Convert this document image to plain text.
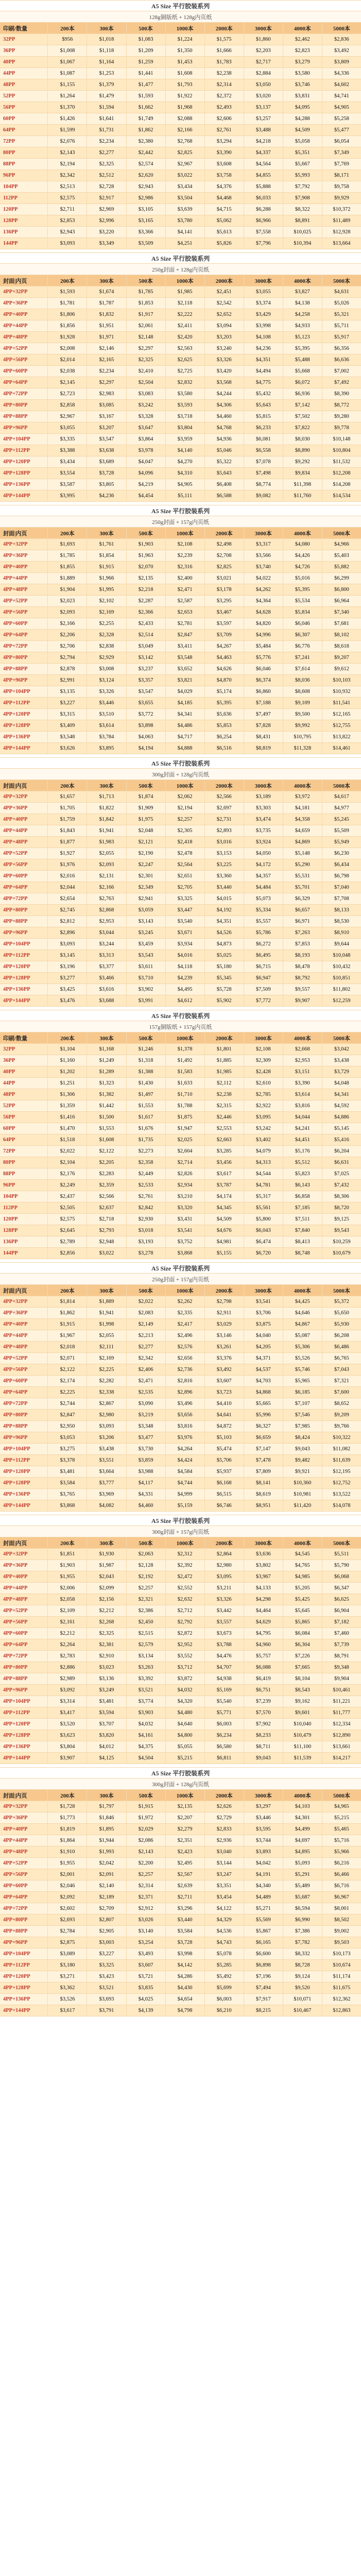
A5 Size 平行胶装系列
128g铜版纸 + 128g内页纸
印刷/数量	200本	300本	500本	1000本	2000本	3000本	4000本	5000本
32PP	$956	$1,018	$1,083	$1,224	$1,575	$1,860	$2,462	$2,836
36PP	$1,008	$1,118	$1,209	$1,350	$1,666	$2,203	$2,823	$3,492
40PP	$1,067	$1,164	$1,259	$1,453	$1,783	$2,717	$3,279	$3,809
44PP	$1,087	$1,253	$1,441	$1,608	$2,238	$2,884	$3,580	$4,336
48PP	$1,155	$1,379	$1,477	$1,793	$2,314	$3,050	$3,746	$4,602
52PP	$1,264	$1,479	$1,593	$1,922	$2,372	$3,020	$3,831	$4,741
56PP	$1,370	$1,594	$1,662	$1,968	$2,493	$3,137	$4,095	$4,905
60PP	$1,426	$1,641	$1,749	$2,088	$2,606	$3,257	$4,288	$5,258
64PP	$1,599	$1,731	$1,862	$2,166	$2,761	$3,488	$4,509	$5,477
72PP	$2,076	$2,234	$2,380	$2,768	$3,294	$4,218	$5,058	$6,054
80PP	$2,143	$2,277	$2,442	$2,825	$3,390	$4,337	$5,351	$7,349
88PP	$2,194	$2,325	$2,574	$2,967	$3,608	$4,564	$5,667	$7,769
96PP	$2,342	$2,512	$2,620	$3,022	$3,758	$4,855	$5,993	$8,171
104PP	$2,513	$2,728	$2,943	$3,434	$4,376	$5,888	$7,792	$9,758
112PP	$2,575	$2,917	$2,986	$3,504	$4,468	$6,033	$7,908	$9,929
120PP	$2,711	$2,969	$3,105	$3,639	$4,715	$6,288	$8,322	$10,372
128PP	$2,853	$2,996	$3,165	$3,780	$5,062	$6,966	$8,891	$11,489
136PP	$2,943	$3,220	$3,366	$4,141	$5,613	$7,558	$10,025	$12,928
144PP	$3,093	$3,349	$3,509	$4,251	$5,826	$7,796	$10,394	$13,664
A5 Size 平行胶装系列
250g封面 + 128g内页纸
封面|内页	200本	300本	500本	1000本	2000本	3000本	4000本	5000本
4PP+32PP	$1,593	$1,674	$1,785	$1,985	$2,451	$3,055	$3,827	$4,631
4PP+36PP	$1,781	$1,787	$1,853	$2,118	$2,542	$3,374	$4,138	$5,026
4PP+40PP	$1,806	$1,832	$1,917	$2,222	$2,652	$3,429	$4,258	$5,321
4PP+44PP	$1,856	$1,951	$2,061	$2,411	$3,094	$3,998	$4,933	$5,711
4PP+48PP	$1,928	$1,971	$2,148	$2,420	$3,203	$4,108	$5,123	$5,917
4PP+52PP	$2,008	$2,146	$2,297	$2,563	$3,240	$4,236	$5,395	$6,356
4PP+56PP	$2,014	$2,165	$2,325	$2,625	$3,326	$4,351	$5,488	$6,636
4PP+60PP	$2,038	$2,234	$2,410	$2,725	$3,420	$4,494	$5,668	$7,002
4PP+64PP	$2,145	$2,297	$2,504	$2,832	$3,568	$4,775	$6,072	$7,492
4PP+72PP	$2,723	$2,983	$3,083	$3,580	$4,244	$5,432	$6,936	$8,390
4PP+80PP	$2,858	$3,085	$3,242	$3,593	$4,306	$5,643	$7,142	$8,772
4PP+88PP	$2,967	$3,167	$3,328	$3,718	$4,460	$5,815	$7,502	$9,280
4PP+96PP	$3,055	$3,207	$3,647	$3,804	$4,768	$6,233	$7,822	$9,778
4PP+104PP	$3,335	$3,547	$3,864	$3,959	$4,936	$6,081	$8,030	$10,148
4PP+112PP	$3,388	$3,638	$3,978	$4,140	$5,046	$6,558	$8,890	$10,804
4PP+120PP	$3,434	$3,689	$4,047	$4,270	$5,322	$7,078	$9,292	$11,532
4PP+128PP	$3,554	$3,728	$4,096	$4,310	$5,643	$7,498	$9,834	$12,208
4PP+136PP	$3,587	$3,805	$4,219	$4,905	$6,408	$8,774	$11,398	$14,208
4PP+144PP	$3,995	$4,236	$4,454	$5,111	$6,588	$9,082	$11,760	$14,534
A5 Size 平行胶装系列
250g封面 + 157g内页纸
封面|内页	200本	300本	500本	1000本	2000本	3000本	4000本	5000本
4PP+32PP	$1,693	$1,761	$1,903	$2,108	$2,498	$3,317	$4,080	$4,966
4PP+36PP	$1,785	$1,854	$1,963	$2,239	$2,708	$3,566	$4,426	$5,403
4PP+40PP	$1,855	$1,915	$2,070	$2,316	$2,825	$3,740	$4,726	$5,882
4PP+44PP	$1,889	$1,966	$2,135	$2,400	$3,021	$4,022	$5,016	$6,299
4PP+48PP	$1,904	$1,995	$2,218	$2,471	$3,178	$4,262	$5,395	$6,800
4PP+52PP	$2,023	$2,102	$2,287	$2,587	$3,295	$4,364	$5,534	$6,964
4PP+56PP	$2,093	$2,169	$2,366	$2,653	$3,467	$4,628	$5,834	$7,340
4PP+60PP	$2,166	$2,255	$2,433	$2,781	$3,597	$4,820	$6,046	$7,681
4PP+64PP	$2,206	$2,328	$2,514	$2,847	$3,709	$4,996	$6,307	$8,102
4PP+72PP	$2,706	$2,838	$3,049	$3,411	$4,267	$5,484	$6,776	$8,618
4PP+80PP	$2,794	$2,929	$3,142	$3,548	$4,463	$5,776	$7,241	$9,207
4PP+88PP	$2,878	$3,008	$3,237	$3,652	$4,626	$6,046	$7,614	$9,612
4PP+96PP	$2,991	$3,124	$3,357	$3,821	$4,870	$6,374	$8,036	$10,103
4PP+104PP	$3,135	$3,326	$3,547	$4,029	$5,174	$6,860	$8,608	$10,932
4PP+112PP	$3,227	$3,446	$3,655	$4,185	$5,395	$7,188	$9,109	$11,541
4PP+120PP	$3,315	$3,510	$3,772	$4,341	$5,636	$7,497	$9,500	$12,165
4PP+128PP	$3,409	$3,614	$3,898	$4,486	$5,853	$7,828	$9,992	$12,755
4PP+136PP	$3,548	$3,784	$4,063	$4,717	$6,254	$8,431	$10,795	$13,822
4PP+144PP	$3,626	$3,895	$4,194	$4,888	$6,516	$8,819	$11,328	$14,461
A5 Size 平行胶装系列
300g封面 + 128g内页纸
封面|内页	200本	300本	500本	1000本	2000本	3000本	4000本	5000本
4PP+32PP	$1,657	$1,713	$1,874	$2,062	$2,566	$3,189	$3,972	$4,617
4PP+36PP	$1,705	$1,822	$1,909	$2,194	$2,697	$3,303	$4,181	$4,977
4PP+40PP	$1,759	$1,842	$1,975	$2,257	$2,731	$3,474	$4,358	$5,245
4PP+44PP	$1,843	$1,941	$2,048	$2,305	$2,893	$3,735	$4,659	$5,509
4PP+48PP	$1,877	$1,983	$2,121	$2,418	$3,016	$3,924	$4,869	$5,949
4PP+52PP	$1,927	$2,055	$2,190	$2,478	$3,153	$4,050	$5,148	$6,230
4PP+56PP	$1,976	$2,093	$2,247	$2,564	$3,225	$4,172	$5,290	$6,434
4PP+60PP	$2,016	$2,131	$2,301	$2,651	$3,360	$4,357	$5,531	$6,798
4PP+64PP	$2,044	$2,166	$2,349	$2,705	$3,440	$4,484	$5,701	$7,040
4PP+72PP	$2,654	$2,763	$2,941	$3,325	$4,015	$5,073	$6,329	$7,708
4PP+80PP	$2,745	$2,868	$3,059	$3,447	$4,192	$5,334	$6,657	$8,133
4PP+88PP	$2,812	$2,953	$3,143	$3,540	$4,351	$5,557	$6,971	$8,530
4PP+96PP	$2,896	$3,044	$3,245	$3,671	$4,526	$5,786	$7,263	$8,910
4PP+104PP	$3,093	$3,244	$3,459	$3,934	$4,873	$6,272	$7,853	$9,644
4PP+112PP	$3,145	$3,313	$3,543	$4,016	$5,025	$6,495	$8,193	$10,048
4PP+120PP	$3,196	$3,377	$3,611	$4,118	$5,180	$6,715	$8,478	$10,432
4PP+128PP	$3,277	$3,466	$3,710	$4,239	$5,345	$6,947	$8,792	$10,851
4PP+136PP	$3,425	$3,616	$3,902	$4,495	$5,728	$7,509	$9,557	$11,802
4PP+144PP	$3,476	$3,688	$3,991	$4,612	$5,902	$7,772	$9,907	$12,259
A5 Size 平行胶装系列
157g铜版纸 + 157g内页纸
印刷/数量	200本	300本	500本	1000本	2000本	3000本	4000本	5000本
32PP	$1,104	$1,168	$1,246	$1,378	$1,801	$2,108	$2,668	$3,042
36PP	$1,160	$1,249	$1,318	$1,492	$1,885	$2,309	$2,953	$3,438
40PP	$1,202	$1,289	$1,388	$1,583	$1,985	$2,428	$3,151	$3,729
44PP	$1,251	$1,323	$1,430	$1,633	$2,112	$2,610	$3,390	$4,048
48PP	$1,306	$1,382	$1,497	$1,710	$2,238	$2,785	$3,614	$4,341
52PP	$1,359	$1,442	$1,553	$1,788	$2,315	$2,922	$3,816	$4,592
56PP	$1,416	$1,500	$1,617	$1,875	$2,446	$3,095	$4,044	$4,886
60PP	$1,470	$1,553	$1,676	$1,947	$2,553	$3,242	$4,241	$5,145
64PP	$1,518	$1,608	$1,735	$2,025	$2,663	$3,402	$4,451	$5,416
72PP	$2,022	$2,122	$2,273	$2,604	$3,285	$4,079	$5,176	$6,204
80PP	$2,104	$2,205	$2,358	$2,714	$3,456	$4,313	$5,512	$6,631
88PP	$2,176	$2,283	$2,449	$2,826	$3,617	$4,544	$5,823	$7,025
96PP	$2,249	$2,359	$2,533	$2,934	$3,787	$4,781	$6,143	$7,432
104PP	$2,437	$2,566	$2,761	$3,210	$4,174	$5,317	$6,858	$8,306
112PP	$2,505	$2,637	$2,842	$3,320	$4,345	$5,561	$7,185	$8,720
120PP	$2,575	$2,718	$2,930	$3,431	$4,509	$5,800	$7,511	$9,125
128PP	$2,645	$2,793	$3,018	$3,541	$4,676	$6,043	$7,840	$9,543
136PP	$2,789	$2,948	$3,193	$3,752	$4,981	$6,474	$8,413	$10,259
144PP	$2,856	$3,022	$3,278	$3,868	$5,155	$6,720	$8,748	$10,679
A5 Size 平行胶装系列
250g封面 + 157g内页纸
封面|内页	200本	300本	500本	1000本	2000本	3000本	4000本	5000本
4PP+32PP	$1,814	$1,889	$2,022	$2,262	$2,798	$3,541	$4,425	$5,372
4PP+36PP	$1,862	$1,941	$2,083	$2,335	$2,911	$3,706	$4,646	$5,650
4PP+40PP	$1,915	$1,998	$2,149	$2,417	$3,029	$3,875	$4,867	$5,930
4PP+44PP	$1,967	$2,055	$2,213	$2,496	$3,146	$4,040	$5,087	$6,208
4PP+48PP	$2,018	$2,111	$2,277	$2,576	$3,261	$4,205	$5,306	$6,486
4PP+52PP	$2,071	$2,169	$2,342	$2,656	$3,376	$4,371	$5,526	$6,765
4PP+56PP	$2,122	$2,225	$2,406	$2,736	$3,492	$4,537	$5,746	$7,043
4PP+60PP	$2,174	$2,282	$2,471	$2,816	$3,607	$4,703	$5,965	$7,321
4PP+64PP	$2,225	$2,338	$2,535	$2,896	$3,723	$4,868	$6,185	$7,600
4PP+72PP	$2,744	$2,867	$3,090	$3,496	$4,410	$5,665	$7,107	$8,652
4PP+80PP	$2,847	$2,980	$3,219	$3,656	$4,641	$5,996	$7,546	$9,209
4PP+88PP	$2,950	$3,093	$3,348	$3,816	$4,872	$6,327	$7,985	$9,766
4PP+96PP	$3,053	$3,206	$3,477	$3,976	$5,103	$6,659	$8,424	$10,322
4PP+104PP	$3,275	$3,438	$3,730	$4,264	$5,474	$7,147	$9,043	$11,082
4PP+112PP	$3,378	$3,551	$3,859	$4,424	$5,706	$7,478	$9,482	$11,639
4PP+120PP	$3,481	$3,664	$3,988	$4,584	$5,937	$7,809	$9,921	$12,195
4PP+128PP	$3,584	$3,777	$4,117	$4,744	$6,168	$8,141	$10,360	$12,752
4PP+136PP	$3,765	$3,969	$4,331	$4,999	$6,515	$8,619	$10,981	$13,522
4PP+144PP	$3,868	$4,082	$4,460	$5,159	$6,746	$8,951	$11,420	$14,078
A5 Size 平行胶装系列
300g封面 + 157g内页纸
封面|内页	200本	300本	500本	1000本	2000本	3000本	4000本	5000本
4PP+32PP	$1,851	$1,930	$2,063	$2,312	$2,864	$3,636	$4,545	$5,511
4PP+36PP	$1,903	$1,987	$2,128	$2,392	$2,980	$3,802	$4,765	$5,790
4PP+40PP	$1,955	$2,043	$2,192	$2,472	$3,095	$3,967	$4,985	$6,068
4PP+44PP	$2,006	$2,099	$2,257	$2,552	$3,211	$4,133	$5,205	$6,347
4PP+48PP	$2,058	$2,156	$2,321	$2,632	$3,326	$4,298	$5,425	$6,625
4PP+52PP	$2,109	$2,212	$2,386	$2,712	$3,442	$4,464	$5,645	$6,904
4PP+56PP	$2,161	$2,268	$2,450	$2,792	$3,557	$4,629	$5,865	$7,182
4PP+60PP	$2,212	$2,325	$2,515	$2,872	$3,673	$4,795	$6,084	$7,460
4PP+64PP	$2,264	$2,381	$2,579	$2,952	$3,788	$4,960	$6,304	$7,739
4PP+72PP	$2,783	$2,910	$3,134	$3,552	$4,476	$5,757	$7,226	$8,791
4PP+80PP	$2,886	$3,023	$3,263	$3,712	$4,707	$6,088	$7,665	$9,348
4PP+88PP	$2,989	$3,136	$3,392	$3,872	$4,938	$6,419	$8,104	$9,904
4PP+96PP	$3,092	$3,249	$3,521	$4,032	$5,169	$6,751	$8,543	$10,461
4PP+104PP	$3,314	$3,481	$3,774	$4,320	$5,540	$7,239	$9,162	$11,221
4PP+112PP	$3,417	$3,594	$3,903	$4,480	$5,771	$7,570	$9,601	$11,777
4PP+120PP	$3,520	$3,707	$4,032	$4,640	$6,003	$7,902	$10,040	$12,334
4PP+128PP	$3,623	$3,820	$4,161	$4,800	$6,234	$8,233	$10,479	$12,890
4PP+136PP	$3,804	$4,012	$4,375	$5,055	$6,580	$8,711	$11,100	$13,661
4PP+144PP	$3,907	$4,125	$4,504	$5,215	$6,811	$9,043	$11,539	$14,217
A5 Size 平行胶装系列
300g封面 + 128g内页纸
封面|内页	200本	300本	500本	1000本	2000本	3000本	4000本	5000本
4PP+32PP	$1,728	$1,797	$1,915	$2,135	$2,626	$3,297	$4,103	$4,965
4PP+36PP	$1,773	$1,846	$1,972	$2,207	$2,729	$3,446	$4,301	$5,215
4PP+40PP	$1,819	$1,895	$2,029	$2,279	$2,833	$3,595	$4,499	$5,465
4PP+44PP	$1,864	$1,944	$2,086	$2,351	$2,936	$3,744	$4,697	$5,716
4PP+48PP	$1,910	$1,993	$2,143	$2,423	$3,040	$3,893	$4,895	$5,966
4PP+52PP	$1,955	$2,042	$2,200	$2,495	$3,144	$4,042	$5,093	$6,216
4PP+56PP	$2,001	$2,091	$2,257	$2,567	$3,247	$4,191	$5,291	$6,466
4PP+60PP	$2,046	$2,140	$2,314	$2,639	$3,351	$4,340	$5,489	$6,716
4PP+64PP	$2,092	$2,189	$2,371	$2,711	$3,454	$4,489	$5,687	$6,967
4PP+72PP	$2,602	$2,709	$2,912	$3,296	$4,122	$5,271	$6,594	$8,001
4PP+80PP	$2,693	$2,807	$3,026	$3,440	$4,329	$5,569	$6,990	$8,502
4PP+88PP	$2,784	$2,905	$3,140	$3,584	$4,536	$5,867	$7,386	$9,002
4PP+96PP	$2,875	$3,003	$3,254	$3,728	$4,743	$6,165	$7,782	$9,503
4PP+104PP	$3,089	$3,227	$3,493	$3,998	$5,078	$6,600	$8,332	$10,173
4PP+112PP	$3,180	$3,325	$3,607	$4,142	$5,285	$6,898	$8,728	$10,674
4PP+120PP	$3,271	$3,423	$3,721	$4,286	$5,492	$7,196	$9,124	$11,174
4PP+128PP	$3,362	$3,521	$3,835	$4,430	$5,699	$7,494	$9,520	$11,675
4PP+136PP	$3,526	$3,693	$4,025	$4,654	$6,003	$7,917	$10,071	$12,362
4PP+144PP	$3,617	$3,791	$4,139	$4,798	$6,210	$8,215	$10,467	$12,863
